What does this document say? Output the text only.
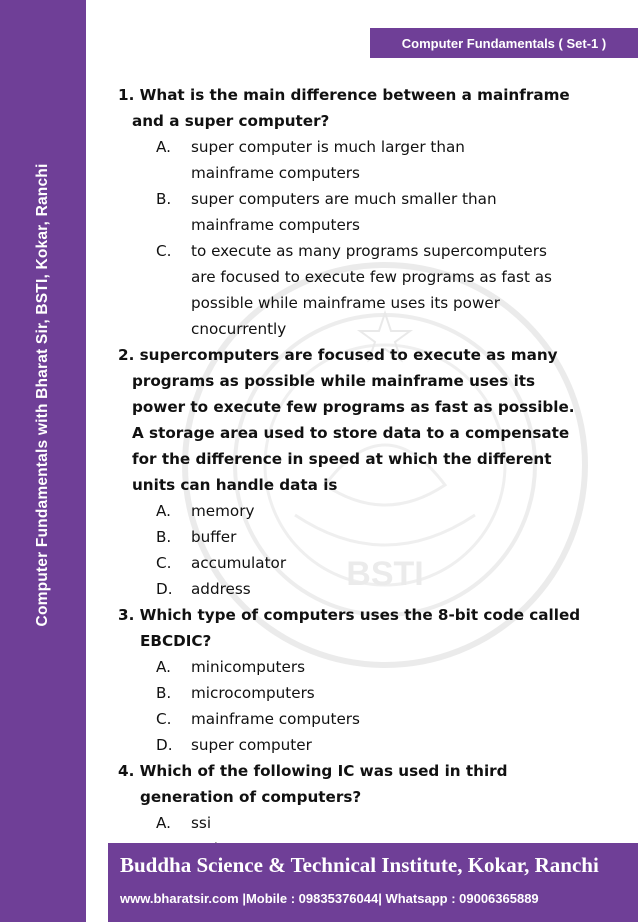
Computer Fundamentals with Bharat Sir, BSTI, Kokar, Ranchi
Computer Fundamentals ( Set-1 )
BSTI
1. What is the main difference between a mainframe
and a super computer?
A.	super computer is much larger than
mainframe computers
B.	super computers are much smaller than
mainframe computers
C.	to execute as many programs supercomputers
are focused to execute few programs as fast as
possible while mainframe uses its power
cnocurrently
2. supercomputers are focused to execute as many
programs as possible while mainframe uses its
power to execute few programs as fast as possible.
A storage area used to store data to a compensate
for the difference in speed at which the different
units can handle data is
A.	memory
B.	buffer
C.	accumulator
D.	address
3. Which type of computers uses the 8-bit code called
EBCDIC?
A.	minicomputers
B.	microcomputers
C.	mainframe computers
D.	super computer
4. Which of the following IC was used in third
generation of computers?
A.	ssi
Buddha Science & Technical Institute, Kokar, Ranchi
www.bharatsir.com |Mobile : 09835376044| Whatsapp : 09006365889
